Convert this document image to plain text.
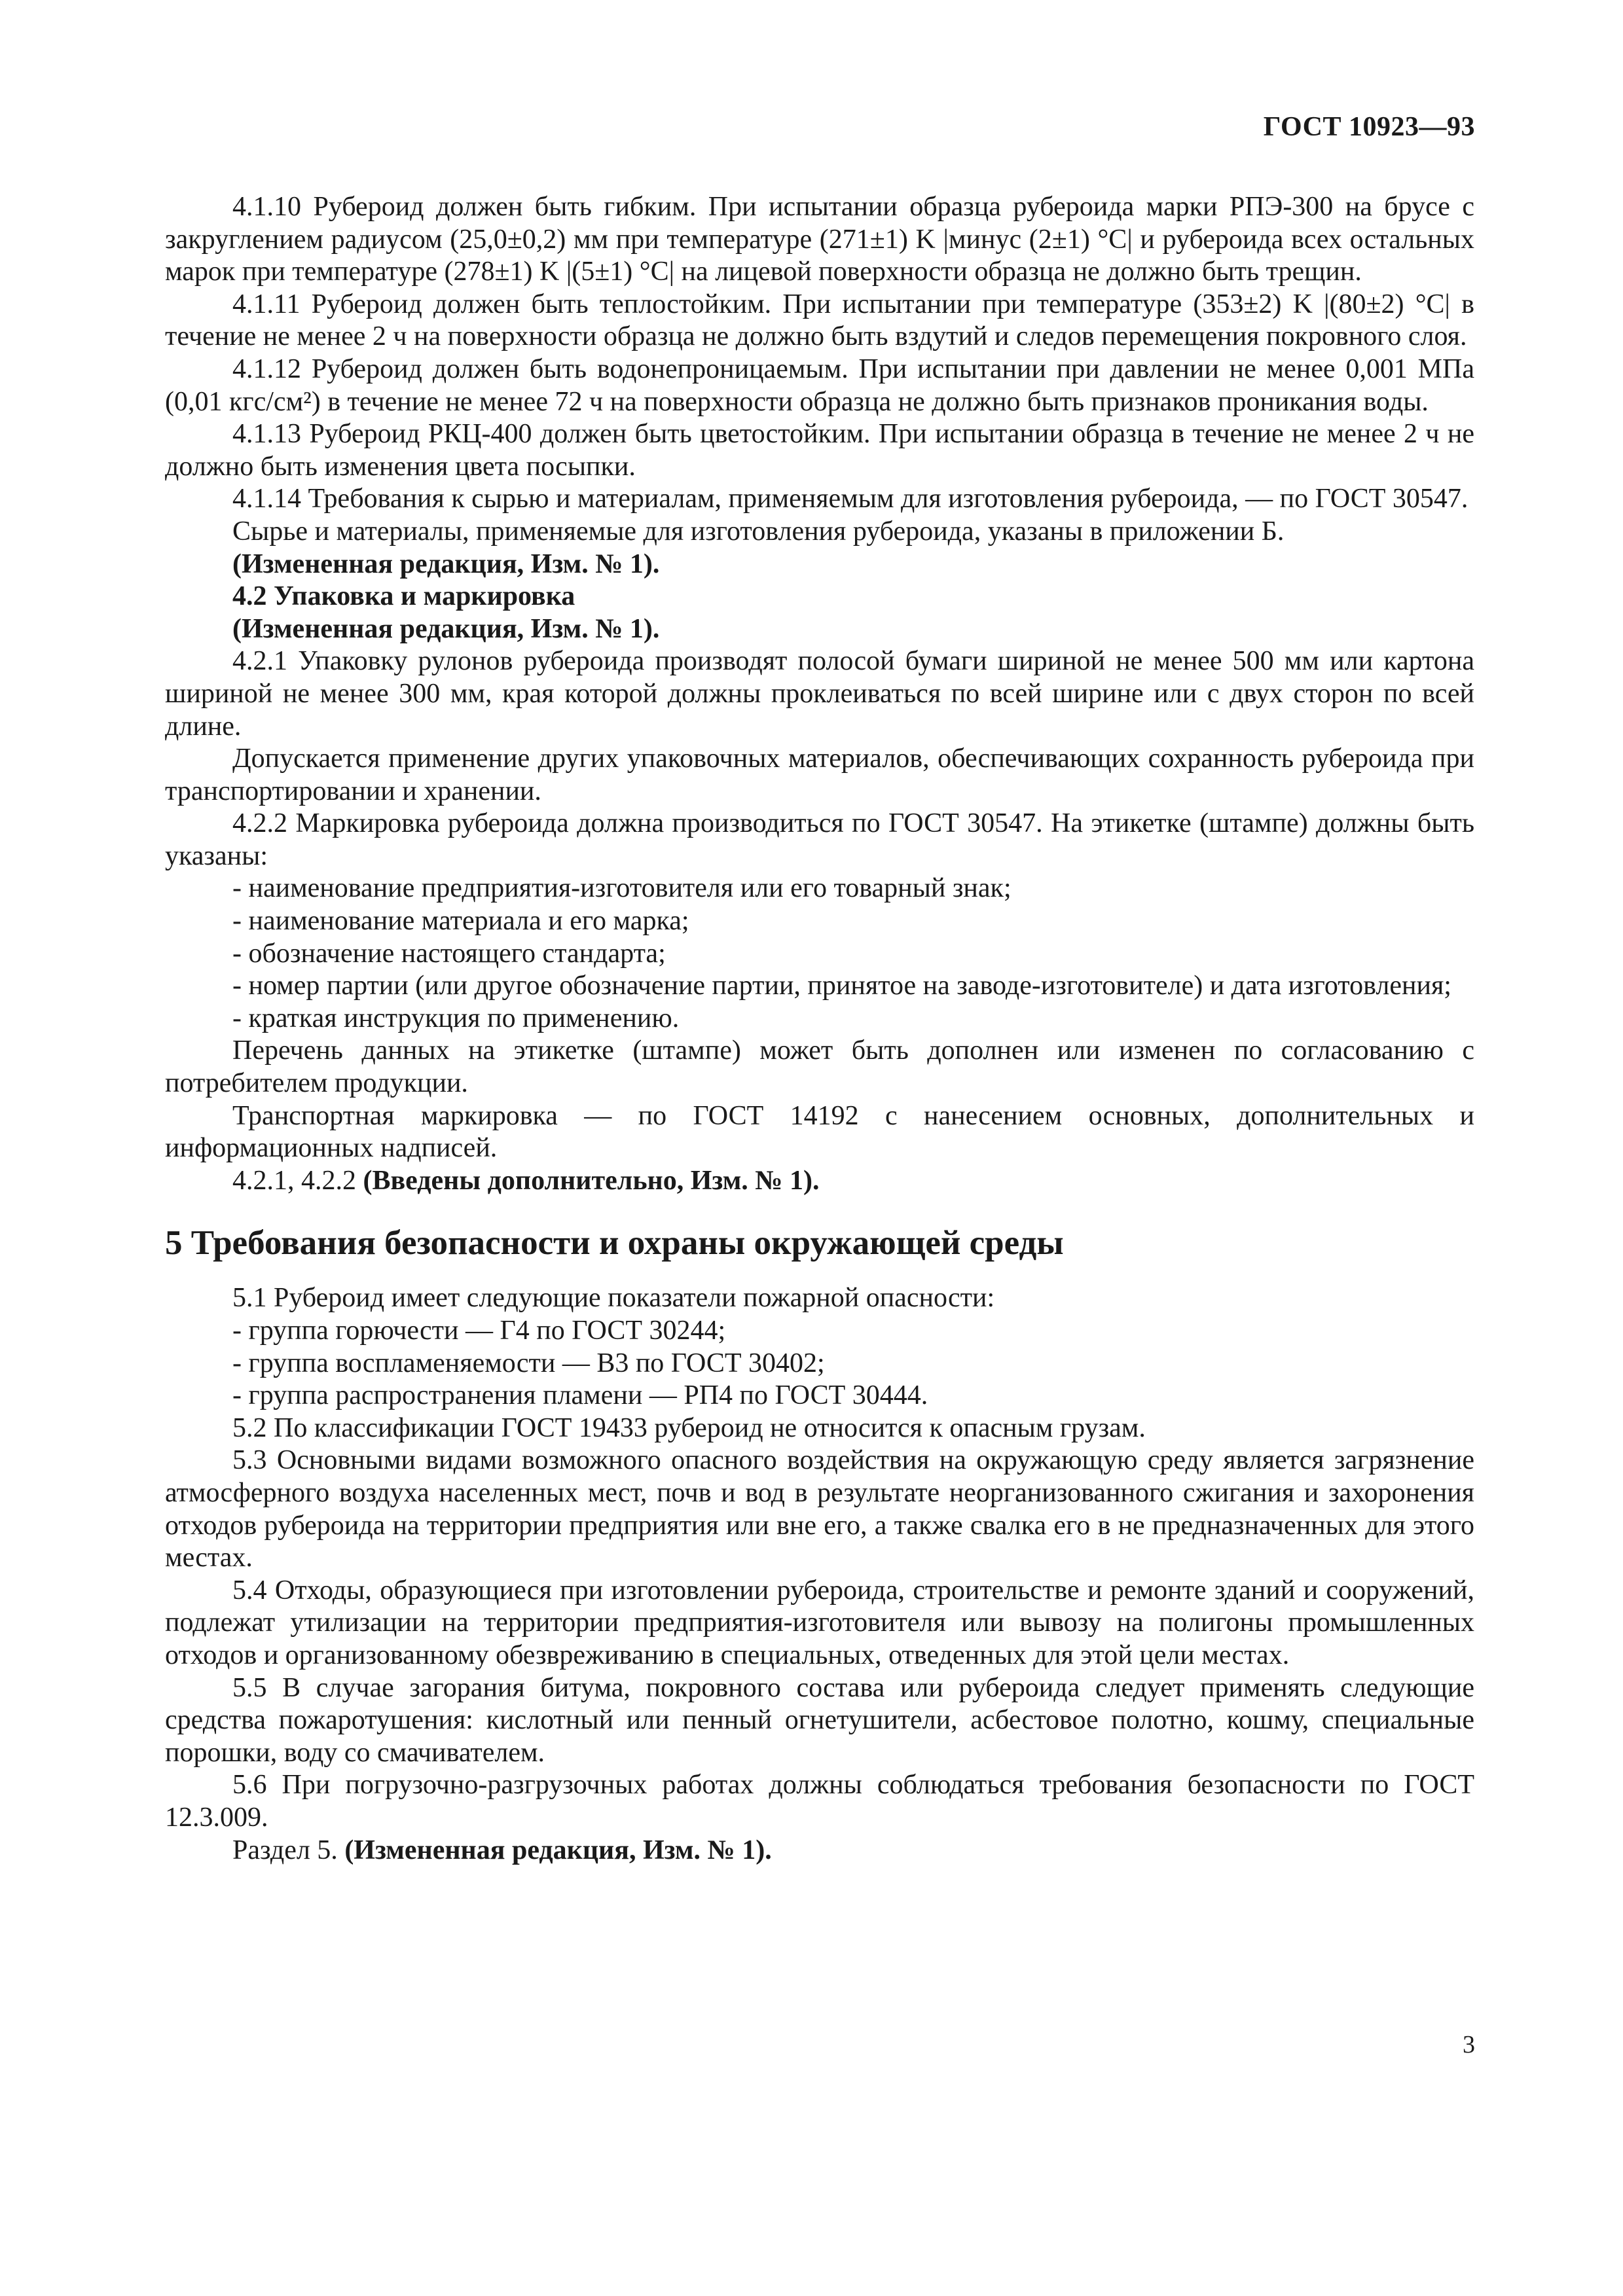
ГОСТ 10923—93

4.1.10 Рубероид должен быть гибким. При испытании образца рубероида марки РПЭ-300 на брусе с закруглением радиусом (25,0±0,2) мм при температуре (271±1) K |минус (2±1) °C| и рубероида всех остальных марок при температуре (278±1) K |(5±1) °C| на лицевой поверхности образца не должно быть трещин.

4.1.11 Рубероид должен быть теплостойким. При испытании при температуре (353±2) K |(80±2) °C| в течение не менее 2 ч на поверхности образца не должно быть вздутий и следов перемещения покровного слоя.

4.1.12 Рубероид должен быть водонепроницаемым. При испытании при давлении не менее 0,001 МПа (0,01 кгс/см²) в течение не менее 72 ч на поверхности образца не должно быть признаков проникания воды.

4.1.13 Рубероид РКЦ-400 должен быть цветостойким. При испытании образца в течение не менее 2 ч не должно быть изменения цвета посыпки.

4.1.14 Требования к сырью и материалам, применяемым для изготовления рубероида, — по ГОСТ 30547.

Сырье и материалы, применяемые для изготовления рубероида, указаны в приложении Б.

(Измененная редакция, Изм. № 1).

4.2 Упаковка и маркировка

(Измененная редакция, Изм. № 1).

4.2.1 Упаковку рулонов рубероида производят полосой бумаги шириной не менее 500 мм или картона шириной не менее 300 мм, края которой должны проклеиваться по всей ширине или с двух сторон по всей длине.

Допускается применение других упаковочных материалов, обеспечивающих сохранность рубероида при транспортировании и хранении.

4.2.2 Маркировка рубероида должна производиться по ГОСТ 30547. На этикетке (штампе) должны быть указаны:

- наименование предприятия-изготовителя или его товарный знак;

- наименование материала и его марка;

- обозначение настоящего стандарта;

- номер партии (или другое обозначение партии, принятое на заводе-изготовителе) и дата изготовления;

- краткая инструкция по применению.

Перечень данных на этикетке (штампе) может быть дополнен или изменен по согласованию с потребителем продукции.

Транспортная маркировка — по ГОСТ 14192 с нанесением основных, дополнительных и информационных надписей.

4.2.1, 4.2.2 (Введены дополнительно, Изм. № 1).

5 Требования безопасности и охраны окружающей среды

5.1 Рубероид имеет следующие показатели пожарной опасности:

- группа горючести — Г4 по ГОСТ 30244;

- группа воспламеняемости — В3 по ГОСТ 30402;

- группа распространения пламени — РП4 по ГОСТ 30444.

5.2 По классификации ГОСТ 19433 рубероид не относится к опасным грузам.

5.3 Основными видами возможного опасного воздействия на окружающую среду является загрязнение атмосферного воздуха населенных мест, почв и вод в результате неорганизованного сжигания и захоронения отходов рубероида на территории предприятия или вне его, а также свалка его в не предназначенных для этого местах.

5.4 Отходы, образующиеся при изготовлении рубероида, строительстве и ремонте зданий и сооружений, подлежат утилизации на территории предприятия-изготовителя или вывозу на полигоны промышленных отходов и организованному обезвреживанию в специальных, отведенных для этой цели местах.

5.5 В случае загорания битума, покровного состава или рубероида следует применять следующие средства пожаротушения: кислотный или пенный огнетушители, асбестовое полотно, кошму, специальные порошки, воду со смачивателем.

5.6 При погрузочно-разгрузочных работах должны соблюдаться требования безопасности по ГОСТ 12.3.009.

Раздел 5. (Измененная редакция, Изм. № 1).

3
